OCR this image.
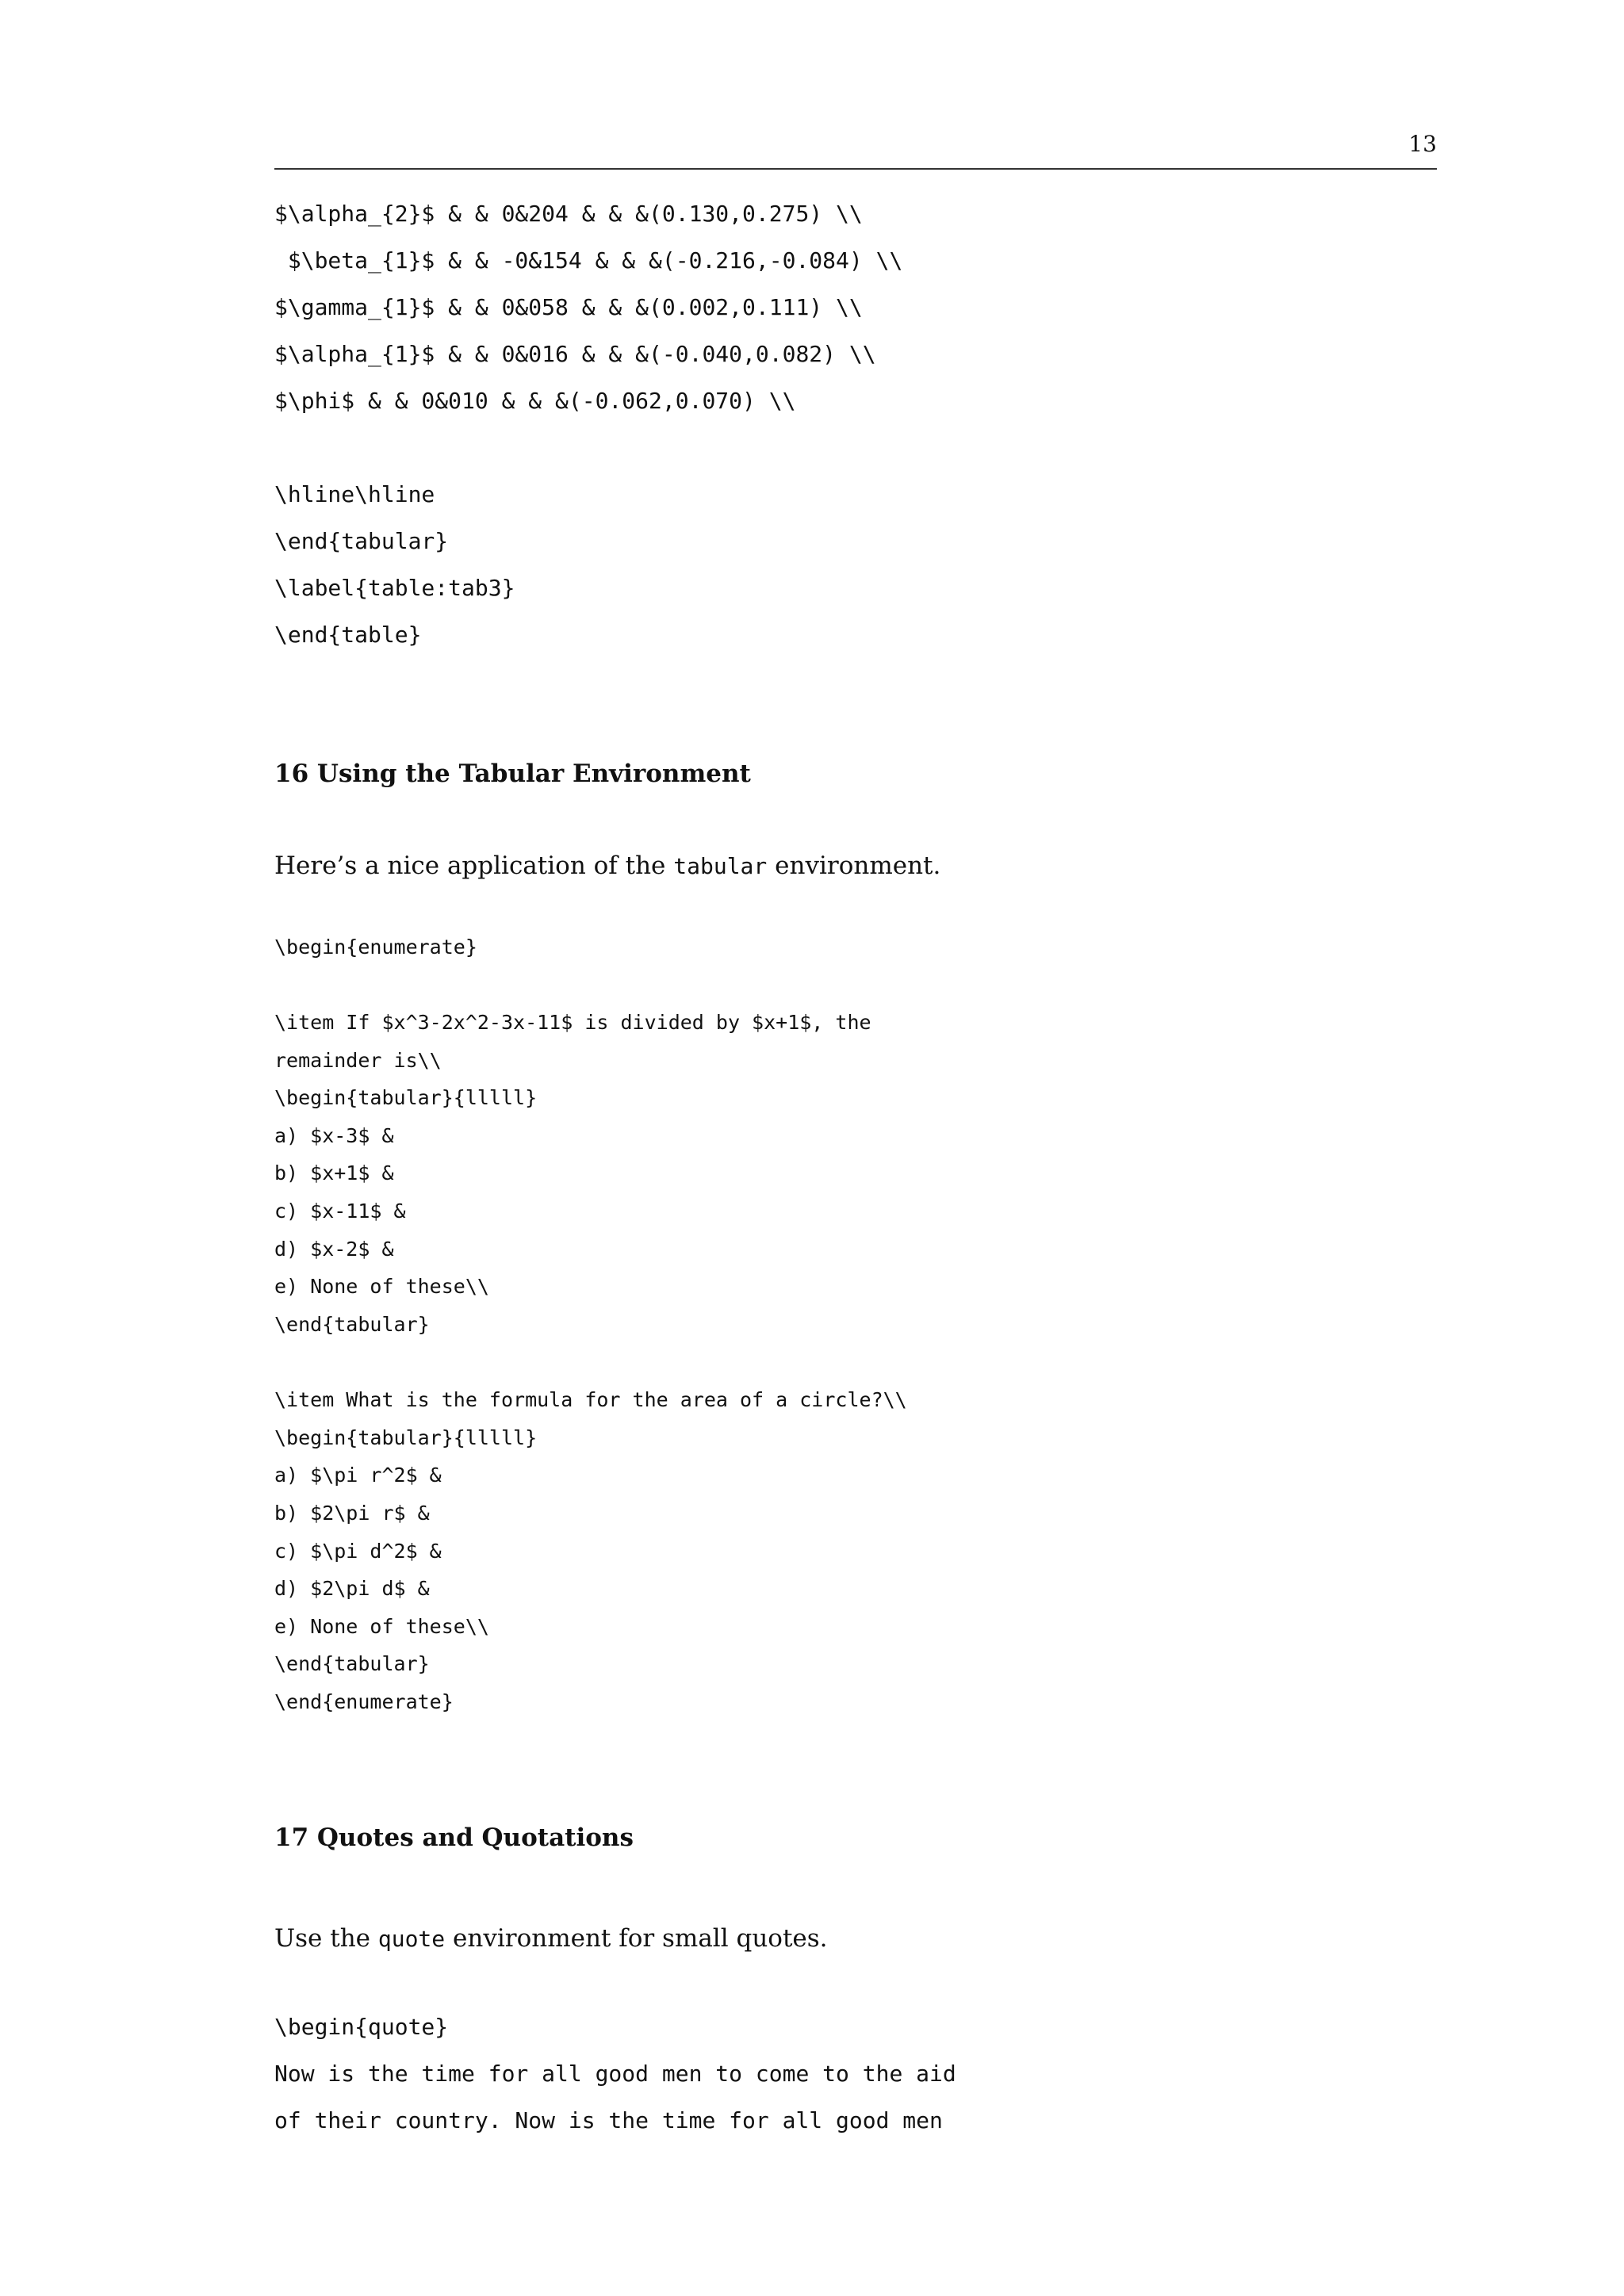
13
$\alpha_{2}$ & & 0&204 & & &(0.130,0.275) \\
$\beta_{1}$ & & -0&154 & & &(-0.216,-0.084) \\
$\gamma_{1}$ & & 0&058 & & &(0.002,0.111) \\
$\alpha_{1}$ & & 0&016 & & &(-0.040,0.082) \\
$\phi$ & & 0&010 & & &(-0.062,0.070) \\
\hline\hline
\end{tabular}
\label{table:tab3}
\end{table}
16 Using the Tabular Environment
Here’s a nice application of the tabular environment.
\begin{enumerate}
\item If $x^3-2x^2-3x-11$ is divided by $x+1$, the
remainder is\\
\begin{tabular}{lllll}
a) $x-3$ &
b) $x+1$ &
c) $x-11$ &
d) $x-2$ &
e) None of these\\
\end{tabular}
\item What is the formula for the area of a circle?\\
\begin{tabular}{lllll}
a) $\pi r^2$ &
b) $2\pi r$ &
c) $\pi d^2$ &
d) $2\pi d$ &
e) None of these\\
\end{tabular}
\end{enumerate}
17 Quotes and Quotations
Use the quote environment for small quotes.
\begin{quote}
Now is the time for all good men to come to the aid
of their country. Now is the time for all good men
